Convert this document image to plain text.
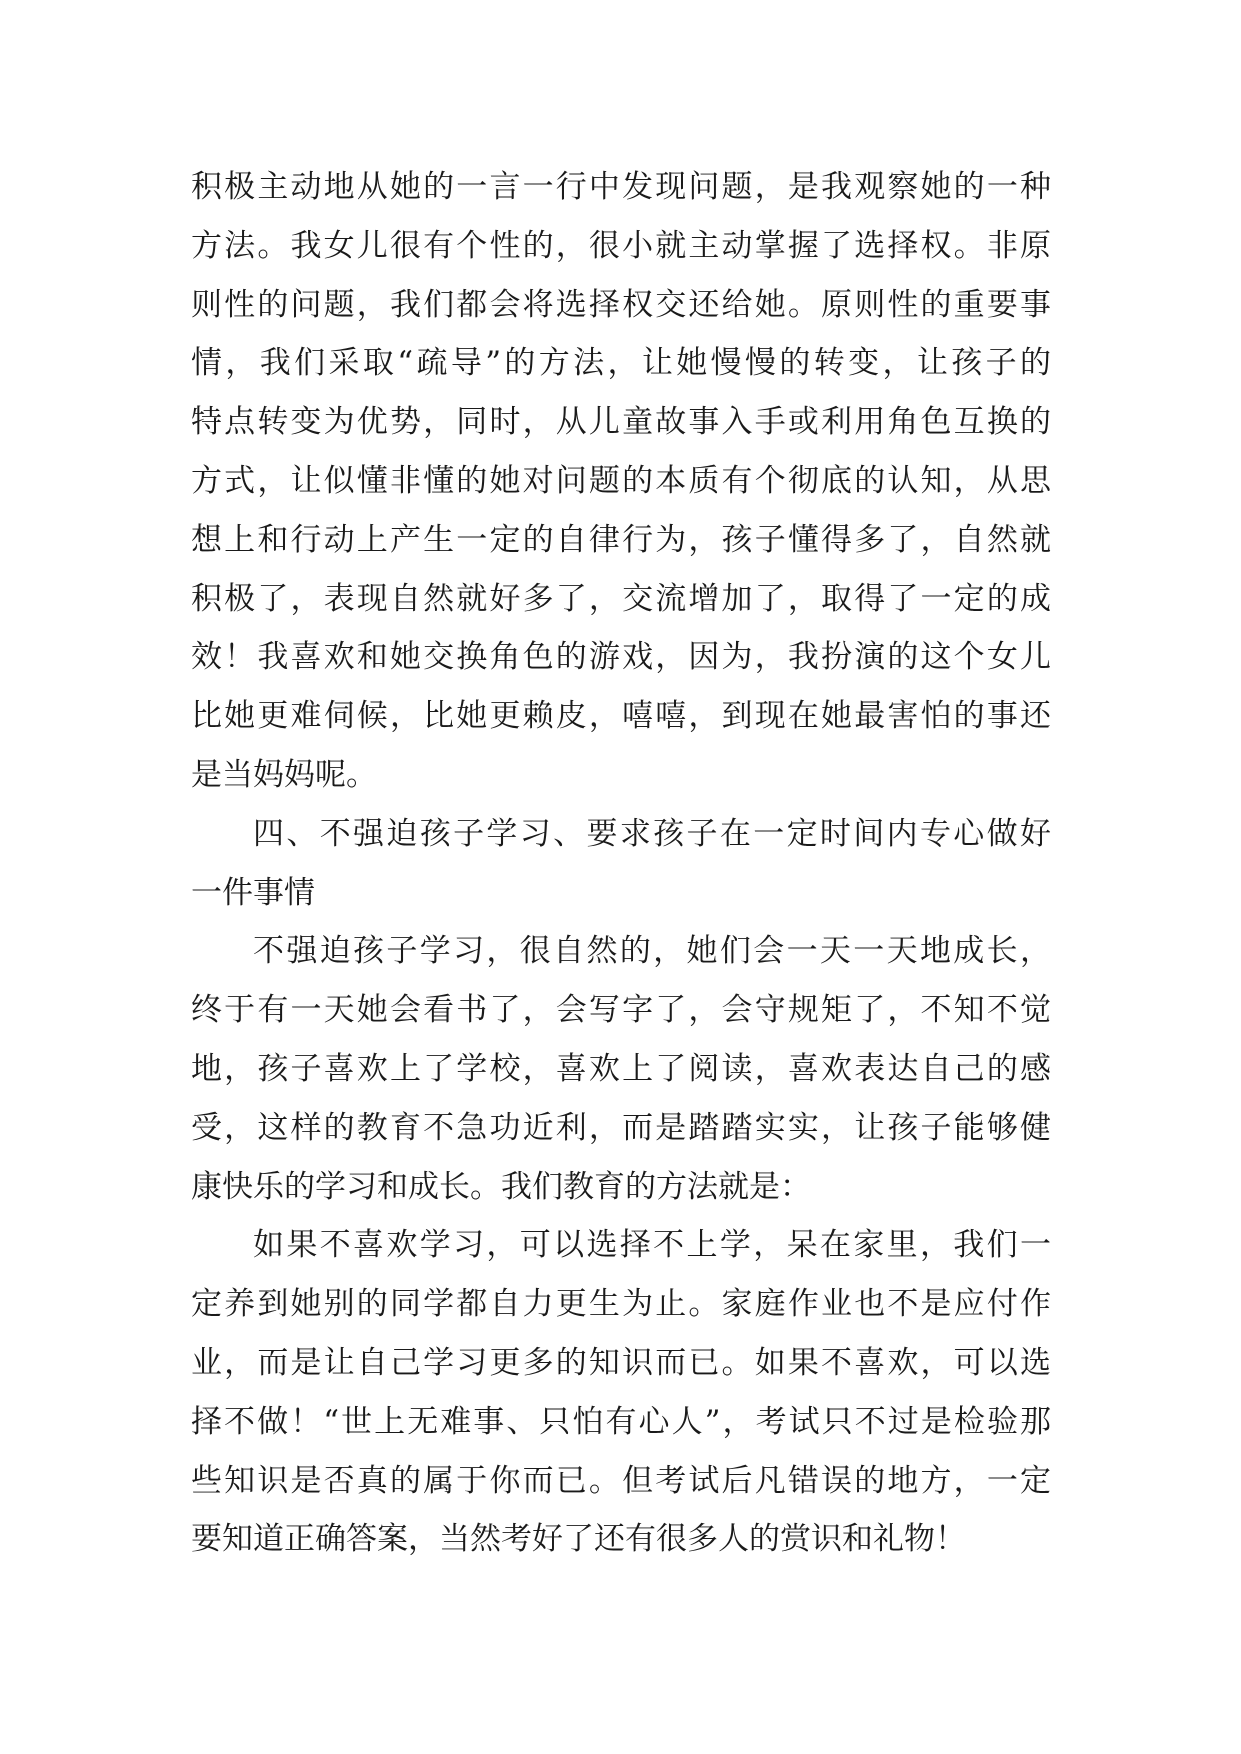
积极主动地从她的一言一行中发现问题，是我观察她的一种
方法。我女儿很有个性的，很小就主动掌握了选择权。非原
则性的问题，我们都会将选择权交还给她。原则性的重要事
情，我们采取“疏导”的方法，让她慢慢的转变，让孩子的
特点转变为优势，同时，从儿童故事入手或利用角色互换的
方式，让似懂非懂的她对问题的本质有个彻底的认知，从思
想上和行动上产生一定的自律行为，孩子懂得多了，自然就
积极了，表现自然就好多了，交流增加了，取得了一定的成
效！我喜欢和她交换角色的游戏，因为，我扮演的这个女儿
比她更难伺候，比她更赖皮，嘻嘻，到现在她最害怕的事还
是当妈妈呢。
四、不强迫孩子学习、要求孩子在一定时间内专心做好
一件事情
不强迫孩子学习，很自然的，她们会一天一天地成长，
终于有一天她会看书了，会写字了，会守规矩了，不知不觉
地，孩子喜欢上了学校，喜欢上了阅读，喜欢表达自己的感
受，这样的教育不急功近利，而是踏踏实实，让孩子能够健
康快乐的学习和成长。我们教育的方法就是：
如果不喜欢学习，可以选择不上学，呆在家里，我们一
定养到她别的同学都自力更生为止。家庭作业也不是应付作
业，而是让自己学习更多的知识而已。如果不喜欢，可以选
择不做！“世上无难事、只怕有心人”，考试只不过是检验那
些知识是否真的属于你而已。但考试后凡错误的地方，一定
要知道正确答案，当然考好了还有很多人的赏识和礼物！
